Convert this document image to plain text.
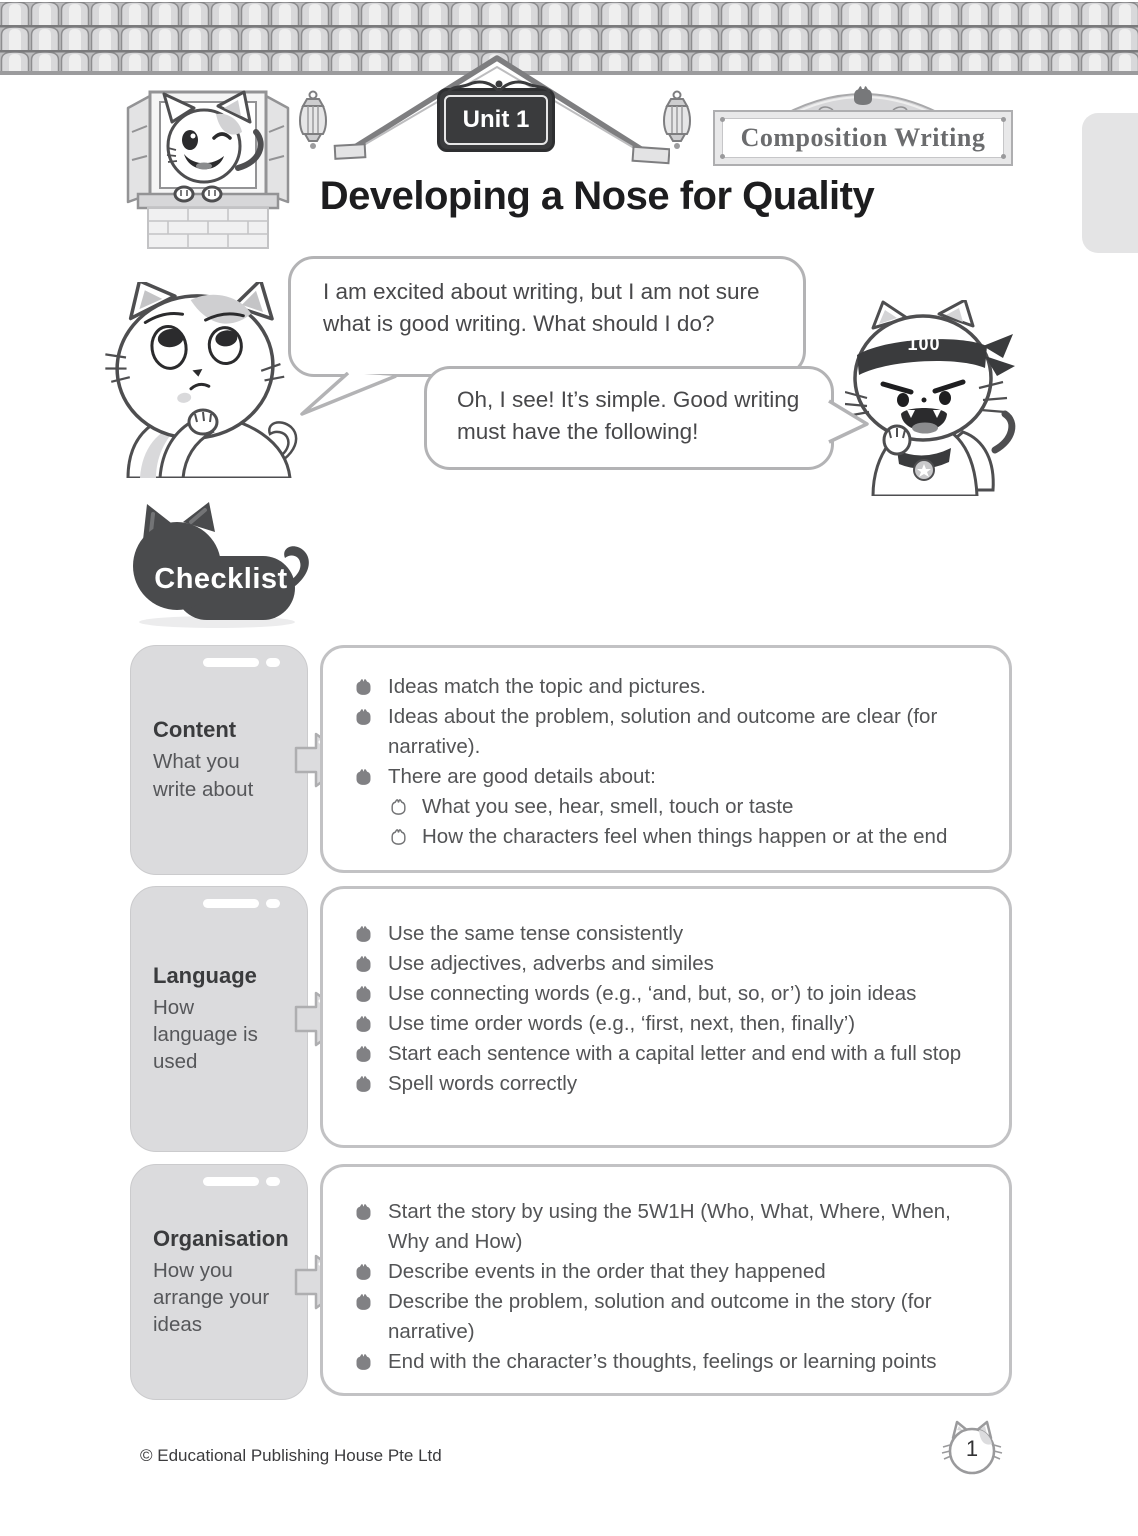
Unit 1
Composition Writing
Developing a Nose for Quality
I am excited about writing, but I am not sure what is good writing. What should I do?
100
Oh, I see! It’s simple. Good writing must have the following!
Checklist
Content
What you write about
Ideas match the topic and pictures.
Ideas about the problem, solution and outcome are clear (for narrative).
There are good details about:
What you see, hear, smell, touch or taste
How the characters feel when things happen or at the end
Language
How language is used
Use the same tense consistently
Use adjectives, adverbs and similes
Use connecting words (e.g., ‘and, but, so, or’) to join ideas
Use time order words (e.g., ‘first, next, then, finally’)
Start each sentence with a capital letter and end with a full stop
Spell words correctly
Organisation
How you arrange your ideas
Start the story by using the 5W1H (Who, What, Where, When, Why and How)
Describe events in the order that they happened
Describe the problem, solution and outcome in the story (for narrative)
End with the character’s thoughts, feelings or learning points
© Educational Publishing House Pte Ltd	1
